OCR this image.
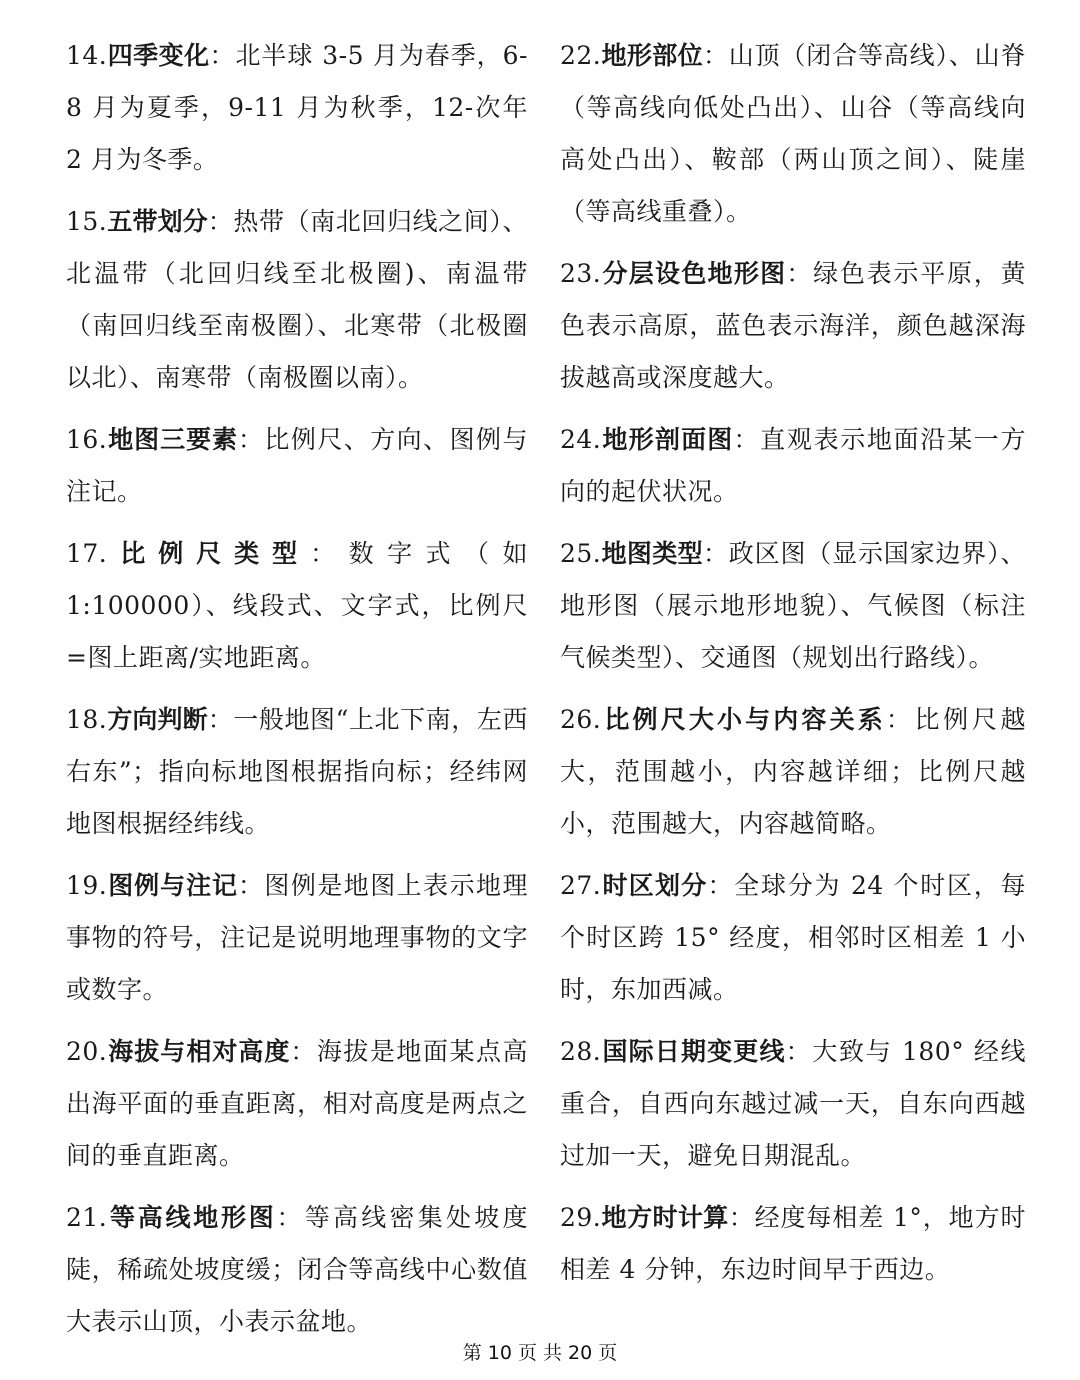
14.四季变化：北半球 3-5 月为春季，6-8 月为夏季，9-11 月为秋季，12-次年 2 月为冬季。

15.五带划分：热带（南北回归线之间）、北温带（北回归线至北极圈)、南温带（南回归线至南极圈）、北寒带（北极圈以北）、南寒带（南极圈以南）。

16.地图三要素：比例尺、方向、图例与注记。

17.比例尺类型：数字式（如 1:100000）、线段式、文字式，比例尺=图上距离/实地距离。

18.方向判断：一般地图“上北下南，左西右东”；指向标地图根据指向标；经纬网地图根据经纬线。

19.图例与注记：图例是地图上表示地理事物的符号，注记是说明地理事物的文字或数字。

20.海拔与相对高度：海拔是地面某点高出海平面的垂直距离，相对高度是两点之间的垂直距离。

21.等高线地形图：等高线密集处坡度陡，稀疏处坡度缓；闭合等高线中心数值大表示山顶，小表示盆地。

22.地形部位：山顶（闭合等高线）、山脊（等高线向低处凸出）、山谷（等高线向高处凸出）、鞍部（两山顶之间）、陡崖（等高线重叠）。

23.分层设色地形图：绿色表示平原，黄色表示高原，蓝色表示海洋，颜色越深海拔越高或深度越大。

24.地形剖面图：直观表示地面沿某一方向的起伏状况。

25.地图类型：政区图（显示国家边界）、地形图（展示地形地貌）、气候图（标注气候类型）、交通图（规划出行路线）。

26.比例尺大小与内容关系：比例尺越大，范围越小，内容越详细；比例尺越小，范围越大，内容越简略。

27.时区划分：全球分为 24 个时区，每个时区跨 15° 经度，相邻时区相差 1 小时，东加西减。

28.国际日期变更线：大致与 180° 经线重合，自西向东越过减一天，自东向西越过加一天，避免日期混乱。

29.地方时计算：经度每相差 1°，地方时相差 4 分钟，东边时间早于西边。

第 10 页 共 20 页
